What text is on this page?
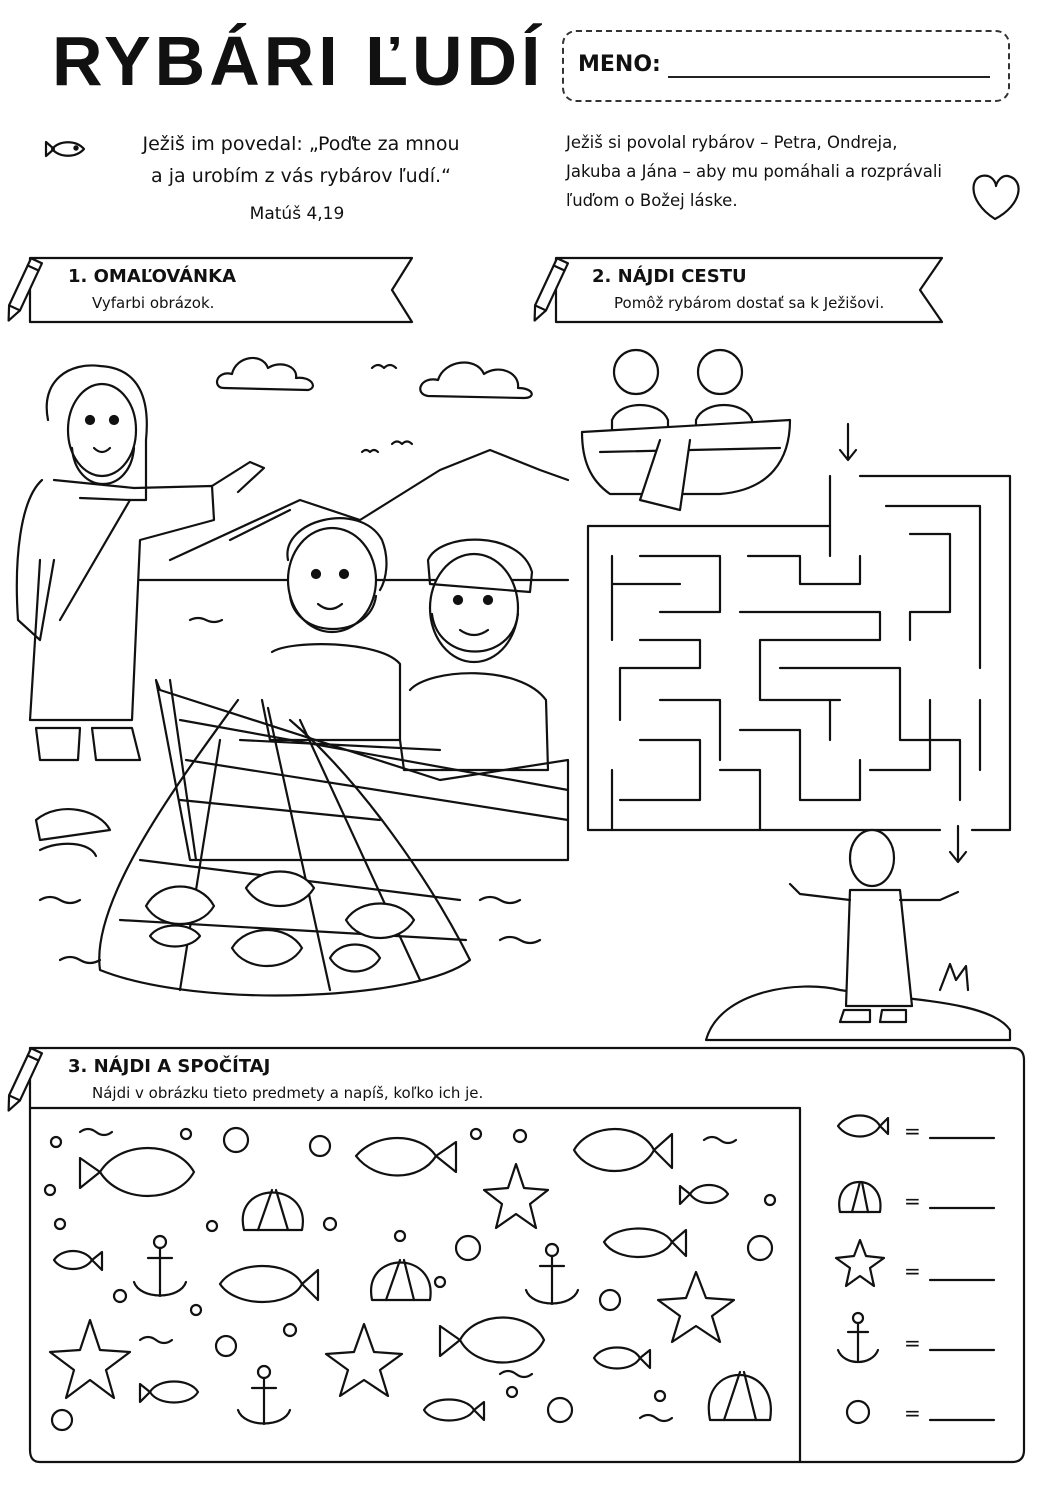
RYBÁRI ĽUDÍ MENO:
Ježiš im povedal: „Poďte za mnou
a ja urobím z vás rybárov ľudí.“
Matúš 4,19
Ježiš si povolal rybárov – Petra, Ondreja,
Jakuba a Jána – aby mu pomáhali a rozprávali
ľuďom o Božej láske.
1. OMAĽOVÁNKA
Vyfarbi obrázok.
2. NÁJDI CESTU
Pomôž rybárom dostať sa k Ježišovi.
3. NÁJDI A SPOČÍTAJ
Nájdi v obrázku tieto predmety a napíš, koľko ich je.
=
=
=
=
=
